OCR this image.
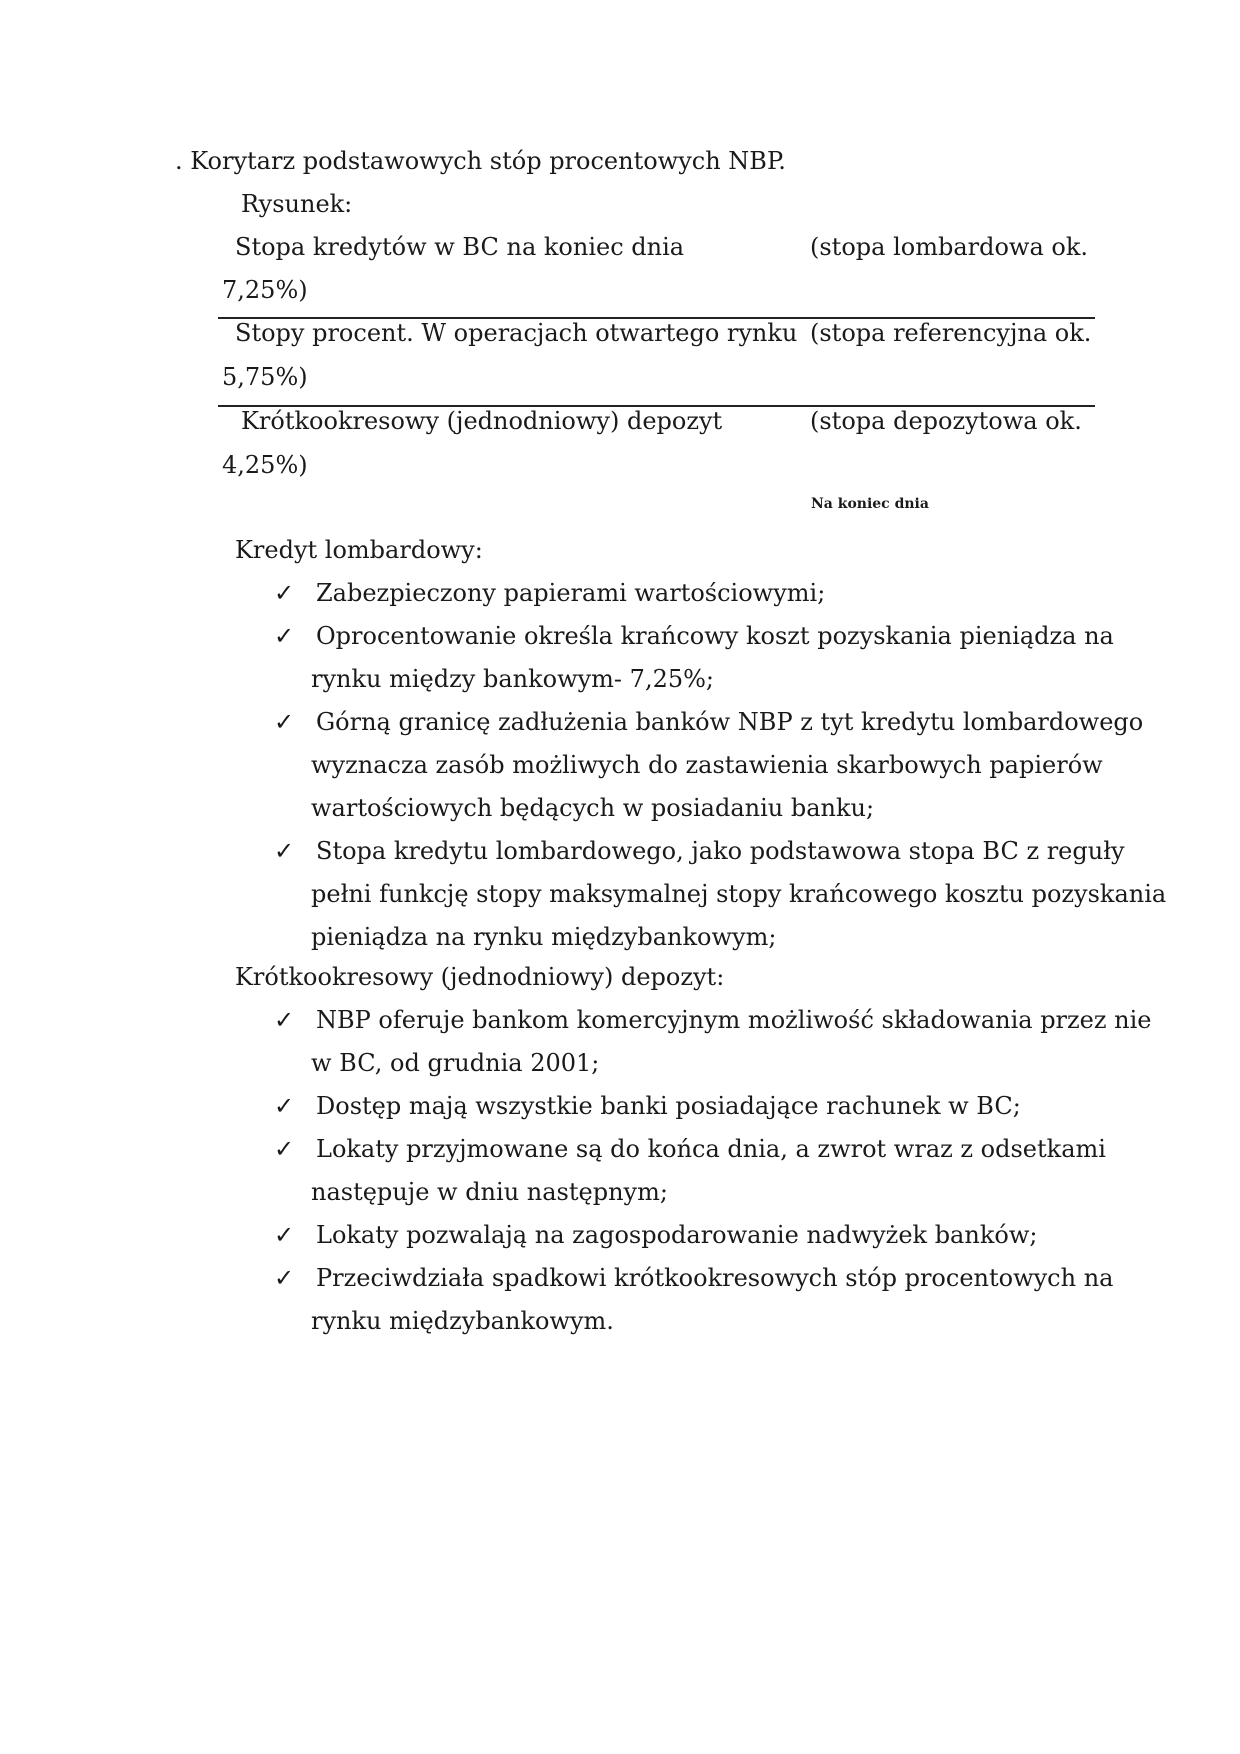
. Korytarz podstawowych stóp procentowych NBP.
Rysunek:
Stopa kredytów w BC na koniec dnia	(stopa lombardowa ok.
7,25%)
Stopy procent. W operacjach otwartego rynku (stopa referencyjna ok.
5,75%)
Krótkookresowy (jednodniowy) depozyt	(stopa depozytowa ok.
4,25%)
Na koniec dnia
Kredyt lombardowy:
✓ Zabezpieczony papierami wartościowymi;
✓ Oprocentowanie określa krańcowy koszt pozyskania pieniądza na
rynku między bankowym- 7,25%;
✓ Górną granicę zadłużenia banków NBP z tyt kredytu lombardowego
wyznacza zasób możliwych do zastawienia skarbowych papierów
wartościowych będących w posiadaniu banku;
✓ Stopa kredytu lombardowego, jako podstawowa stopa BC z reguły
pełni funkcję stopy maksymalnej stopy krańcowego kosztu pozyskania
pieniądza na rynku międzybankowym;
Krótkookresowy (jednodniowy) depozyt:
✓ NBP oferuje bankom komercyjnym możliwość składowania przez nie
w BC, od grudnia 2001;
✓ Dostęp mają wszystkie banki posiadające rachunek w BC;
✓ Lokaty przyjmowane są do końca dnia, a zwrot wraz z odsetkami
następuje w dniu następnym;
✓ Lokaty pozwalają na zagospodarowanie nadwyżek banków;
✓ Przeciwdziała spadkowi krótkookresowych stóp procentowych na
rynku międzybankowym.
